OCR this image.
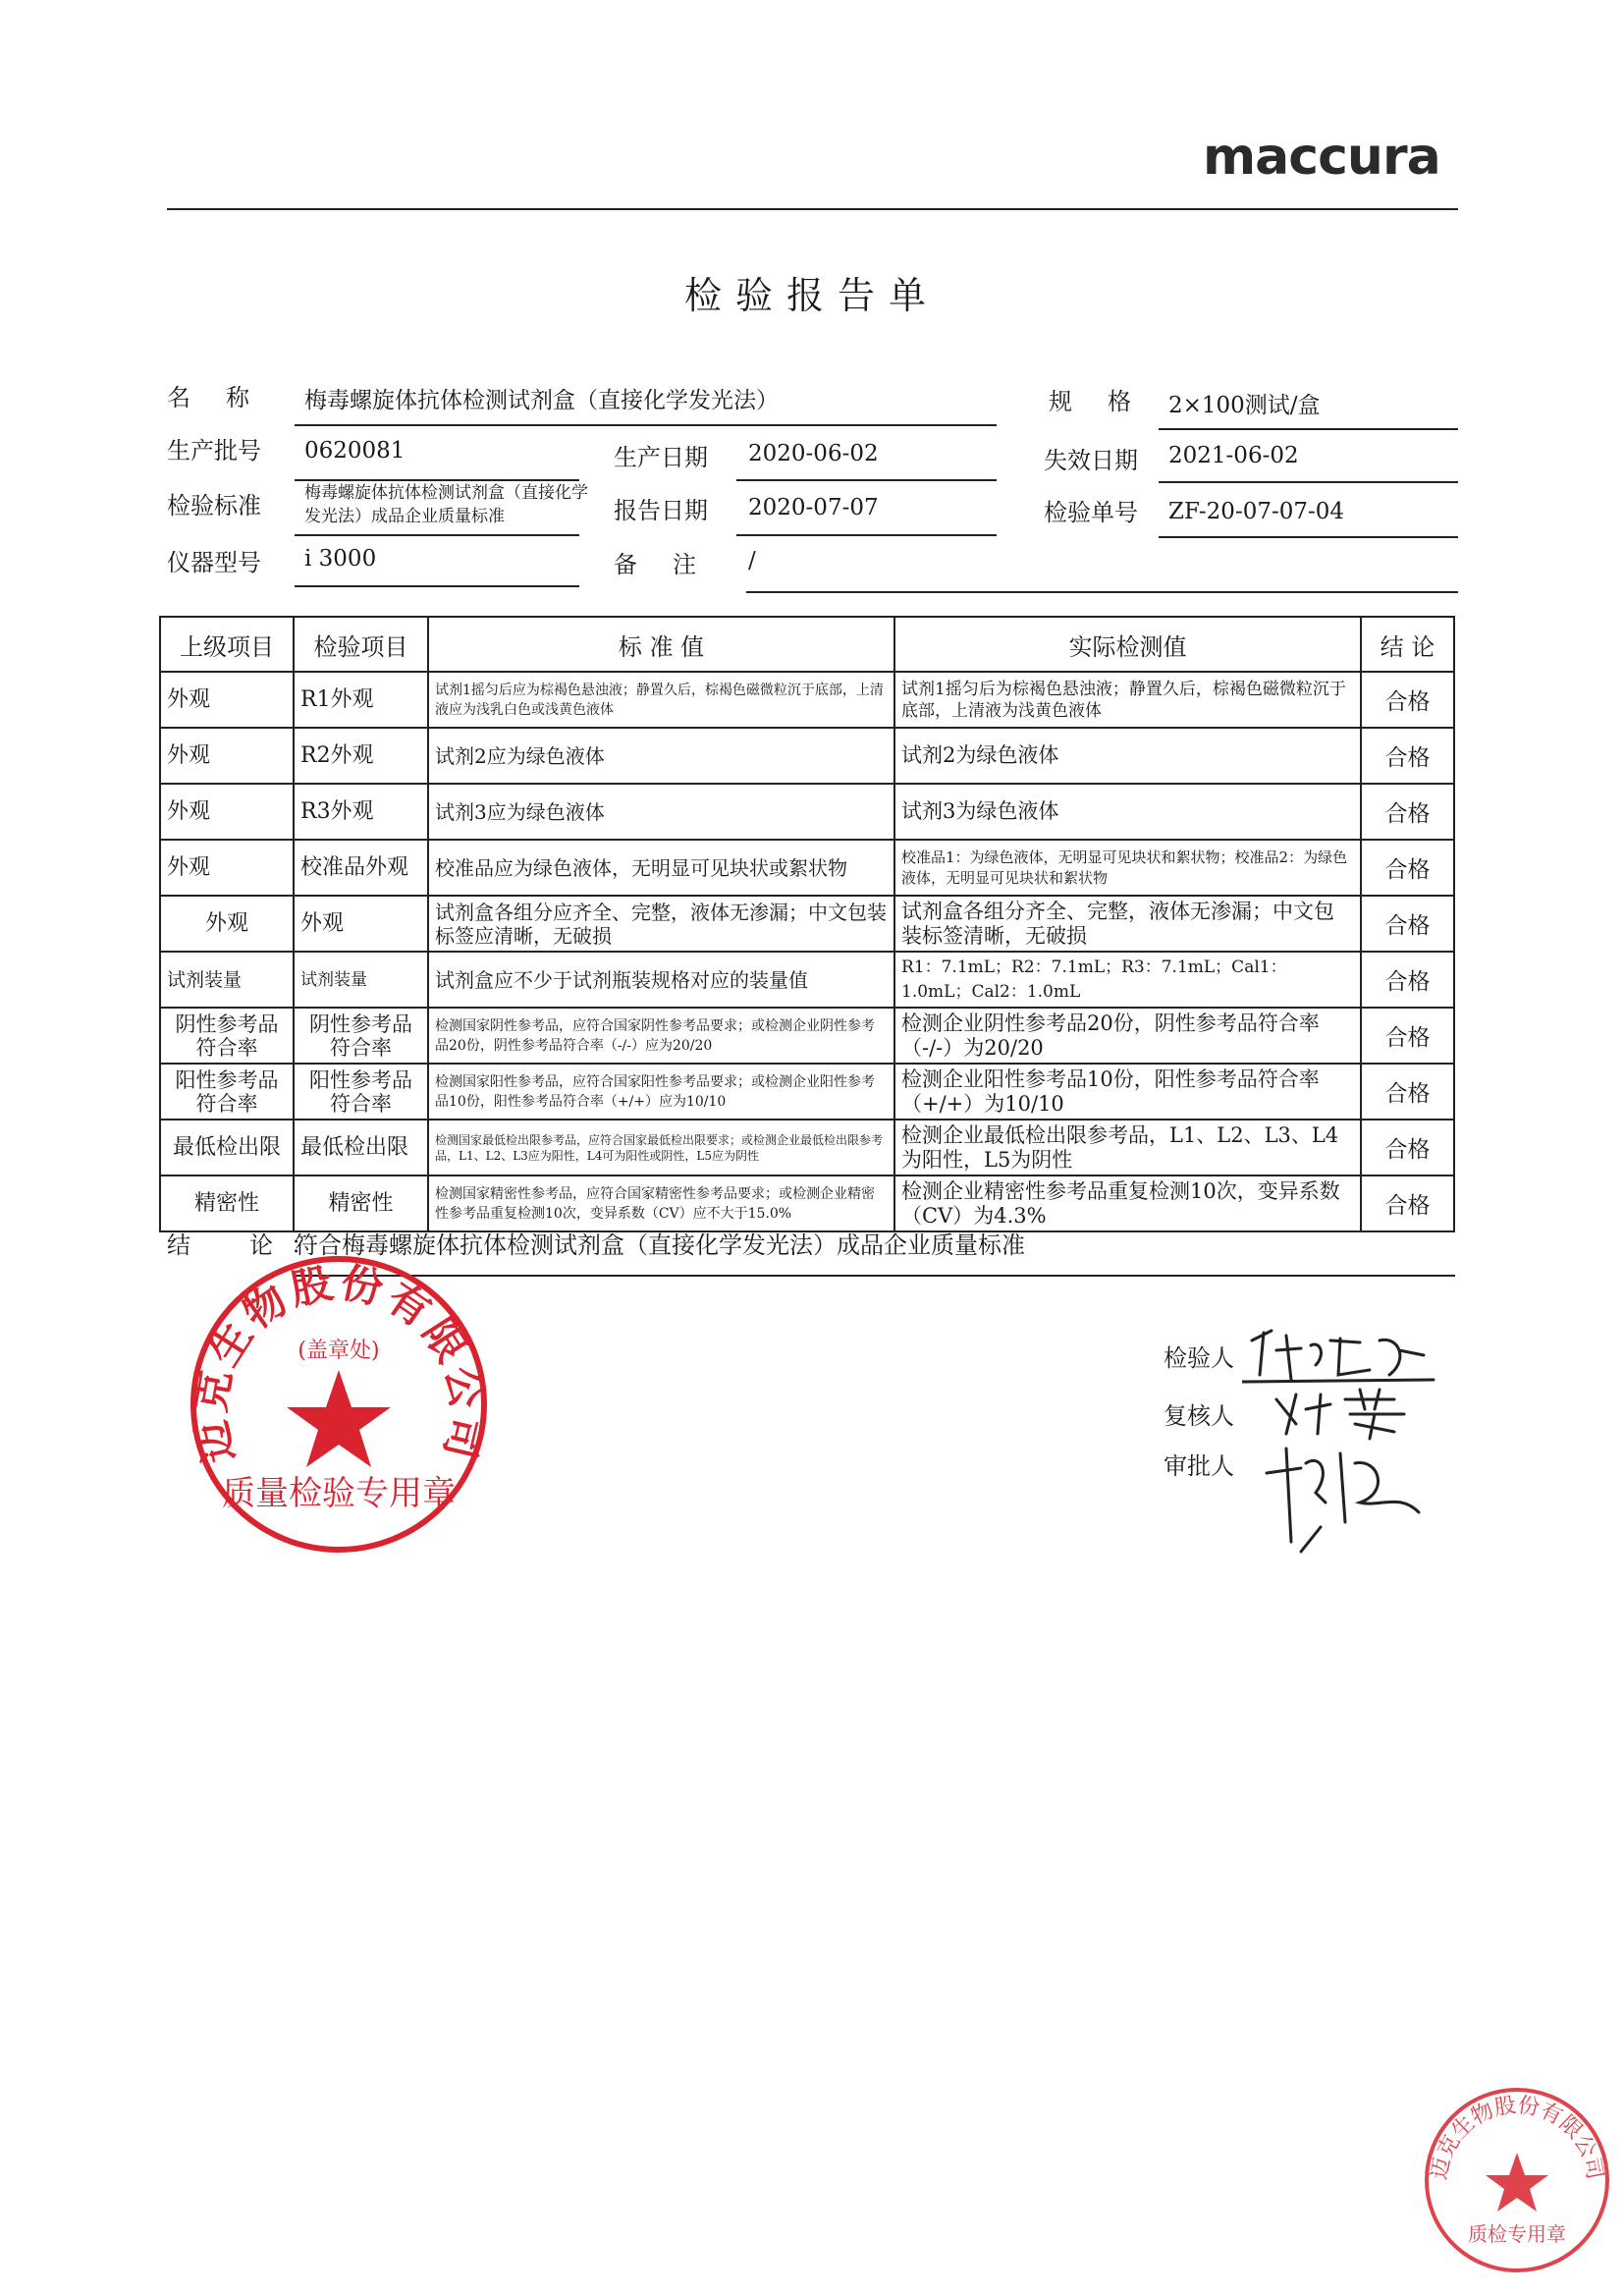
maccura
检验报告单
名　称 梅毒螺旋体抗体检测试剂盒（直接化学发光法）	规　格 2×100测试/盒
生产批号 0620081	生产日期 2020-06-02	失效日期 2021-06-02
检验标准	梅毒螺旋体抗体检测试剂盒（直接化学发光法）成品企业质量标准	报告日期 2020-07-07	检验单号 ZF-20-07-07-04
仪器型号 i 3000	备　注 /
上级项目	检验项目	标 准 值	实际检测值	结 论
外观	R1外观	试剂1摇匀后应为棕褐色悬浊液；静置久后，棕褐色磁微粒沉于底部，上清液应为浅乳白色或浅黄色液体	试剂1摇匀后为棕褐色悬浊液；静置久后，棕褐色磁微粒沉于底部，上清液为浅黄色液体	合格
外观	R2外观	试剂2应为绿色液体	试剂2为绿色液体	合格
外观	R3外观	试剂3应为绿色液体	试剂3为绿色液体	合格
外观	校准品外观	校准品应为绿色液体，无明显可见块状或絮状物	校准品1：为绿色液体，无明显可见块状和絮状物；校准品2：为绿色液体，无明显可见块状和絮状物	合格
外观	外观	试剂盒各组分应齐全、完整，液体无渗漏；中文包装标签应清晰，无破损	试剂盒各组分齐全、完整，液体无渗漏；中文包装标签清晰，无破损	合格
试剂装量	试剂装量	试剂盒应不少于试剂瓶装规格对应的装量值	R1：7.1mL；R2：7.1mL；R3：7.1mL；Cal1：1.0mL；Cal2：1.0mL	合格
阴性参考品符合率	阴性参考品符合率	检测国家阴性参考品，应符合国家阴性参考品要求；或检测企业阴性参考品20份，阴性参考品符合率（-/-）应为20/20	检测企业阴性参考品20份，阴性参考品符合率（-/-）为20/20	合格
阳性参考品符合率	阳性参考品符合率	检测国家阳性参考品，应符合国家阳性参考品要求；或检测企业阳性参考品10份，阳性参考品符合率（+/+）应为10/10	检测企业阳性参考品10份，阳性参考品符合率（+/+）为10/10	合格
最低检出限	最低检出限	检测国家最低检出限参考品，应符合国家最低检出限要求；或检测企业最低检出限参考品，L1、L2、L3应为阳性，L4可为阳性或阴性，L5应为阴性	检测企业最低检出限参考品，L1、L2、L3、L4为阳性，L5为阴性	合格
精密性	精密性	检测国家精密性参考品，应符合国家精密性参考品要求；或检测企业精密性参考品重复检测10次，变异系数（CV）应不大于15.0%	检测企业精密性参考品重复检测10次，变异系数（CV）为4.3%	合格
结　论：
符合梅毒螺旋体抗体检测试剂盒（直接化学发光法）成品企业质量标准
检验人
复核人
审批人
迈克生物股份有限公司
(盖章处)
质量检验专用章
迈克生物股份有限公司
质检专用章
